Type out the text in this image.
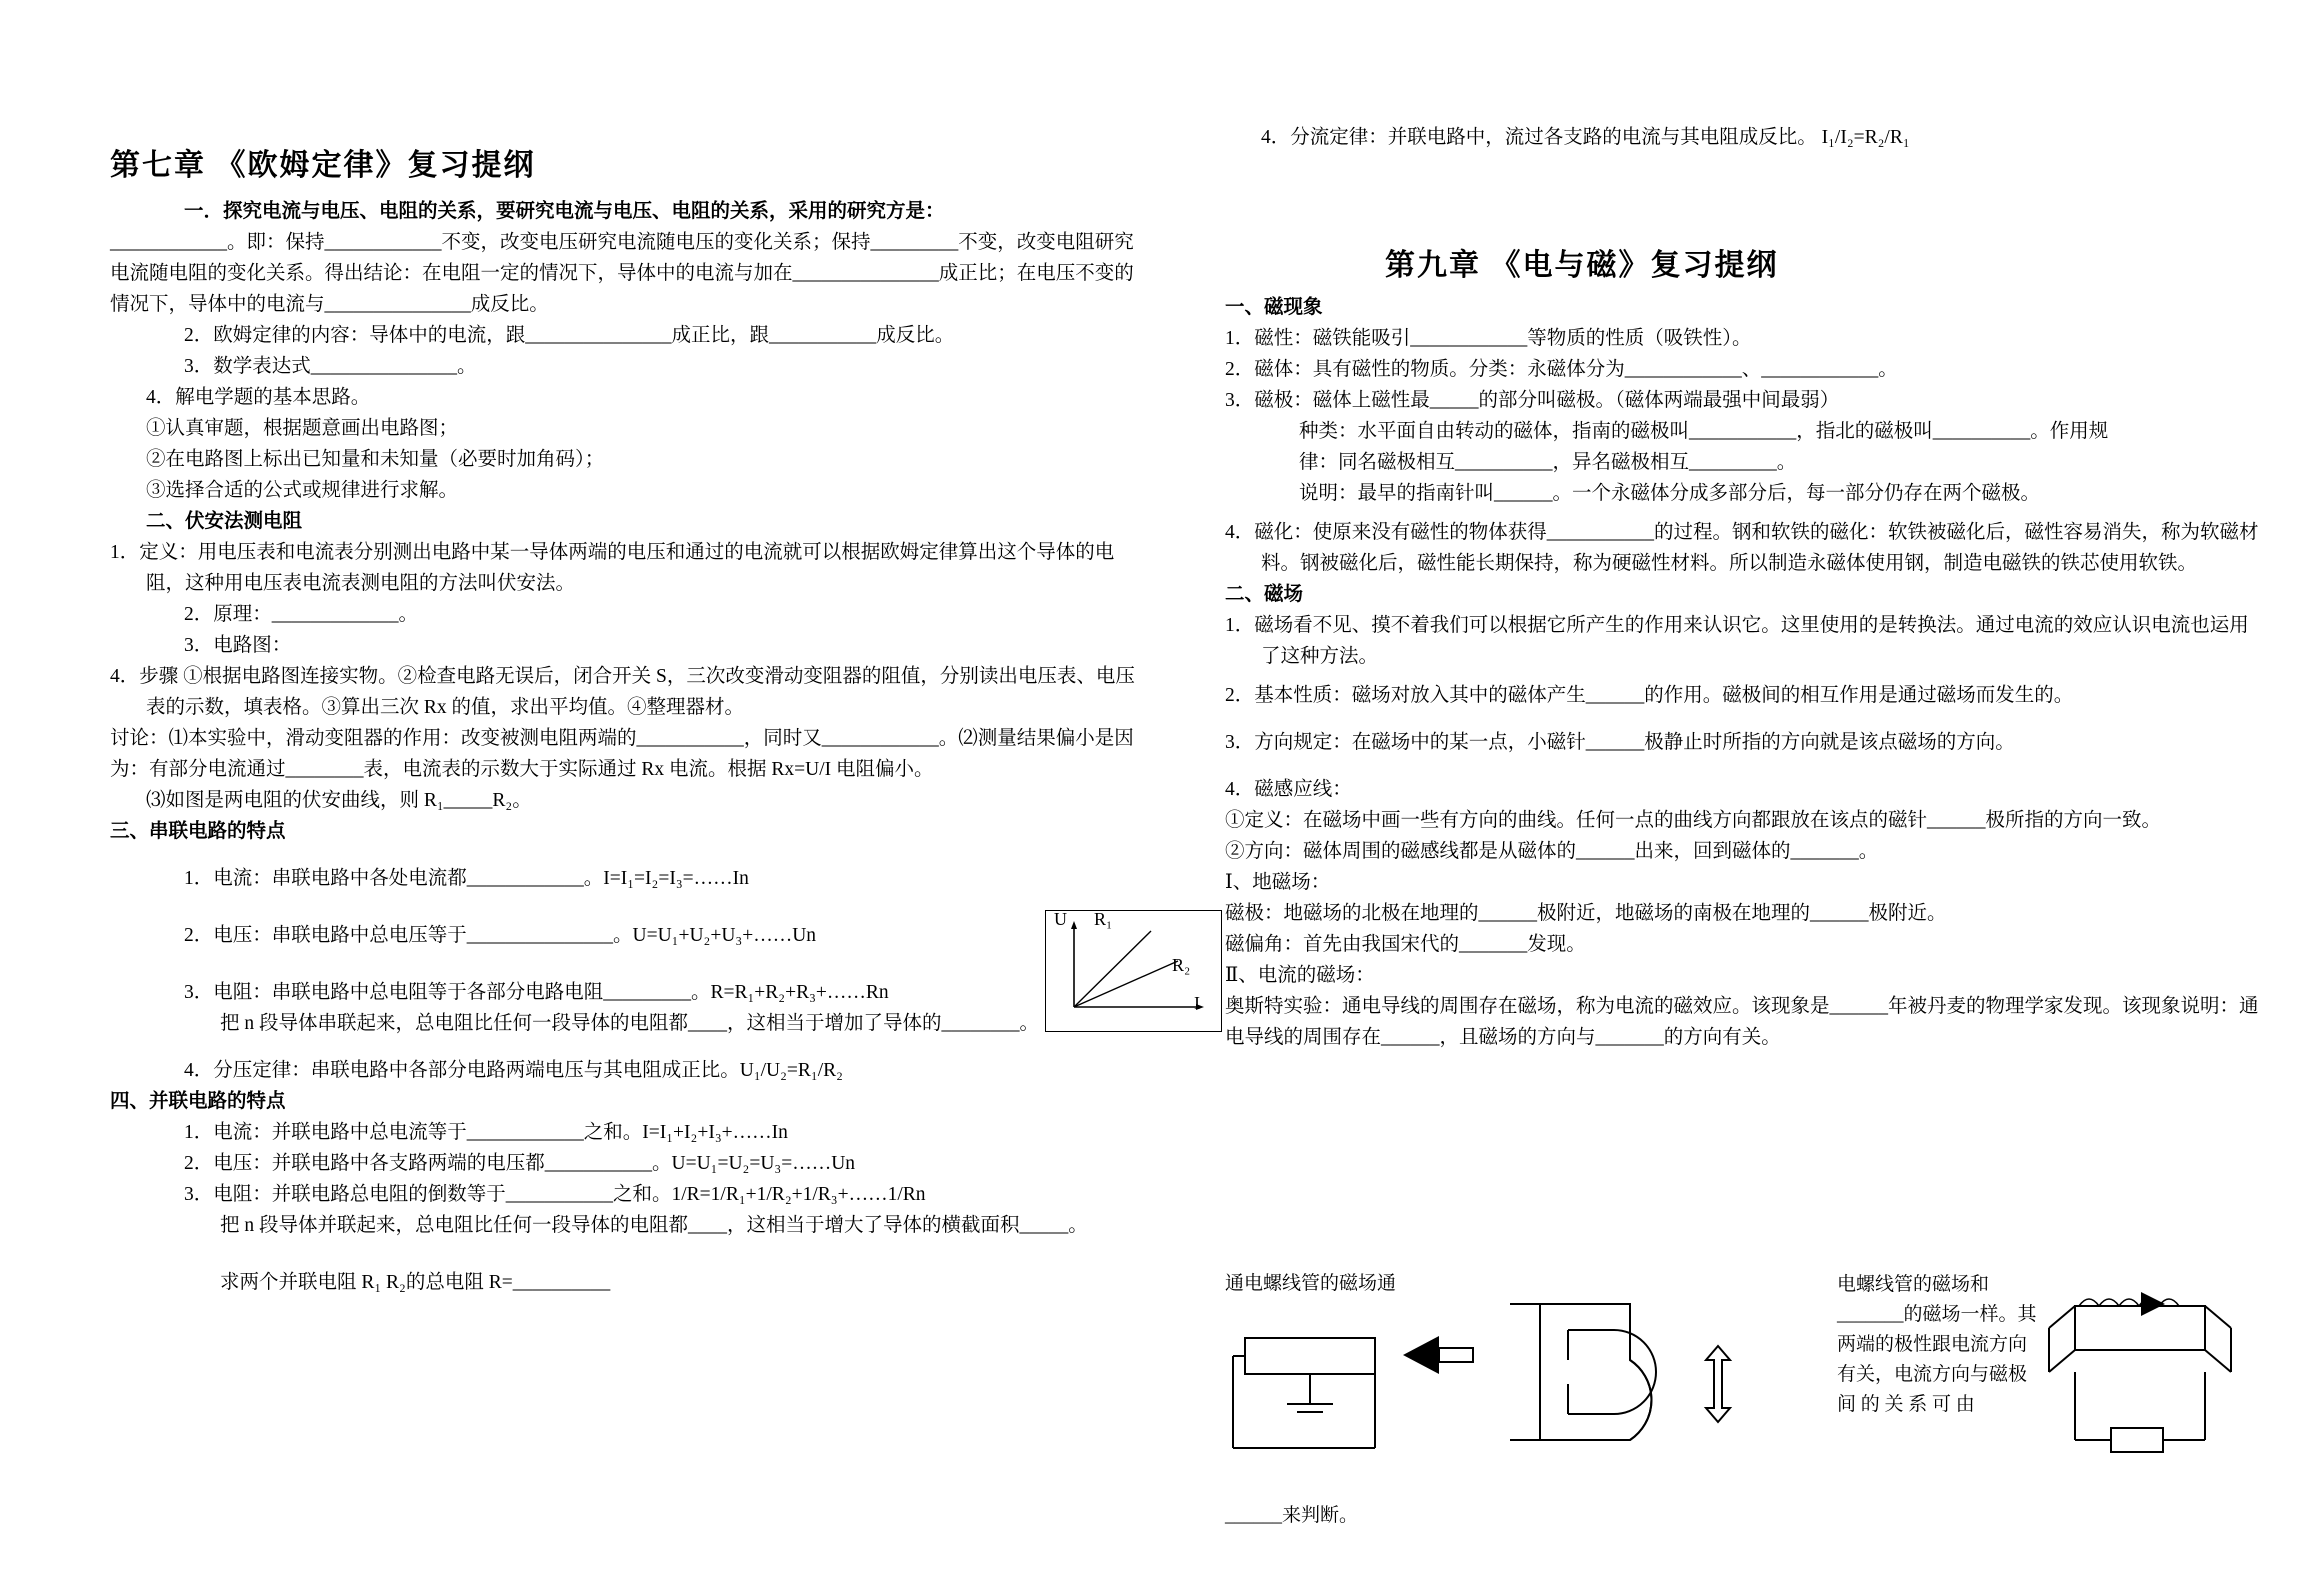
第七章 《欧姆定律》复习提纲

一．探究电流与电压、电阻的关系，要研究电流与电压、电阻的关系，采用的研究方是：

____________。即：保持____________不变，改变电压研究电流随电压的变化关系；保持_________不变，改变电阻研究电流随电阻的变化关系。得出结论：在电阻一定的情况下，导体中的电流与加在_______________成正比；在电压不变的情况下，导体中的电流与_______________成反比。

2．欧姆定律的内容：导体中的电流，跟_______________成正比，跟___________成反比。

3．数学表达式_______________。

4．解电学题的基本思路。

①认真审题，根据题意画出电路图；

②在电路图上标出已知量和未知量（必要时加角码）；

③选择合适的公式或规律进行求解。

二、伏安法测电阻

1．定义：用电压表和电流表分别测出电路中某一导体两端的电压和通过的电流就可以根据欧姆定律算出这个导体的电阻，这种用电压表电流表测电阻的方法叫伏安法。

2．原理：_____________。

3．电路图：

4．步骤 ①根据电路图连接实物。②检查电路无误后，闭合开关 S，三次改变滑动变阻器的阻值，分别读出电压表、电压表的示数，填表格。③算出三次 Rx 的值，求出平均值。④整理器材。

讨论：⑴本实验中，滑动变阻器的作用：改变被测电阻两端的___________，同时又____________。⑵测量结果偏小是因为：有部分电流通过________表，电流表的示数大于实际通过 Rx 电流。根据 Rx=U/I 电阻偏小。

⑶如图是两电阻的伏安曲线，则 R₁_____R₂。

三、串联电路的特点

1．电流：串联电路中各处电流都____________。I=I₁=I₂=I₃=……In

2．电压：串联电路中总电压等于_______________。U=U₁+U₂+U₃+……Un

3．电阻：串联电路中总电阻等于各部分电路电阻_________。R=R₁+R₂+R₃+……Rn

把 n 段导体串联起来，总电阻比任何一段导体的电阻都____，这相当于增加了导体的________。

4．分压定律：串联电路中各部分电路两端电压与其电阻成正比。U₁/U₂=R₁/R₂

四、并联电路的特点

1．电流：并联电路中总电流等于____________之和。I=I₁+I₂+I₃+……In

2．电压：并联电路中各支路两端的电压都___________。U=U₁=U₂=U₃=……Un

3．电阻：并联电路总电阻的倒数等于___________之和。1/R=1/R₁+1/R₂+1/R₃+……1/Rn

把 n 段导体并联起来，总电阻比任何一段导体的电阻都____，这相当于增大了导体的横截面积_____。

求两个并联电阻 R₁ R₂的总电阻 R=__________

U R₁
R₂
I

4．分流定律：并联电路中，流过各支路的电流与其电阻成反比。 I₁/I₂=R₂/R₁

第九章 《电与磁》复习提纲

一、磁现象

1．磁性：磁铁能吸引____________等物质的性质（吸铁性）。

2．磁体：具有磁性的物质。分类：永磁体分为____________、____________。

3．磁极：磁体上磁性最_____的部分叫磁极。（磁体两端最强中间最弱）

种类：水平面自由转动的磁体，指南的磁极叫___________，指北的磁极叫__________。作用规

律：同名磁极相互__________，异名磁极相互_________。

说明：最早的指南针叫______。一个永磁体分成多部分后，每一部分仍存在两个磁极。

4．磁化：使原来没有磁性的物体获得___________的过程。钢和软铁的磁化：软铁被磁化后，磁性容易消失，称为软磁材料。钢被磁化后，磁性能长期保持，称为硬磁性材料。所以制造永磁体使用钢，制造电磁铁的铁芯使用软铁。

二、磁场

1．磁场看不见、摸不着我们可以根据它所产生的作用来认识它。这里使用的是转换法。通过电流的效应认识电流也运用了这种方法。

2．基本性质：磁场对放入其中的磁体产生______的作用。磁极间的相互作用是通过磁场而发生的。

3．方向规定：在磁场中的某一点，小磁针______极静止时所指的方向就是该点磁场的方向。

4．磁感应线：

①定义：在磁场中画一些有方向的曲线。任何一点的曲线方向都跟放在该点的磁针______极所指的方向一致。

②方向：磁体周围的磁感线都是从磁体的______出来，回到磁体的_______。

Ⅰ、地磁场：

磁极：地磁场的北极在地理的______极附近，地磁场的南极在地理的______极附近。

磁偏角：首先由我国宋代的_______发现。

Ⅱ、电流的磁场：

奥斯特实验：通电导线的周围存在磁场，称为电流的磁效应。该现象是______年被丹麦的物理学家发现。该现象说明：通电导线的周围存在______，且磁场的方向与_______的方向有关。

通电螺线管的磁场通
______来判断。
电螺线管的磁场和_______的磁场一样。其两端的极性跟电流方向有关，电流方向与磁极间 的 关 系 可 由
